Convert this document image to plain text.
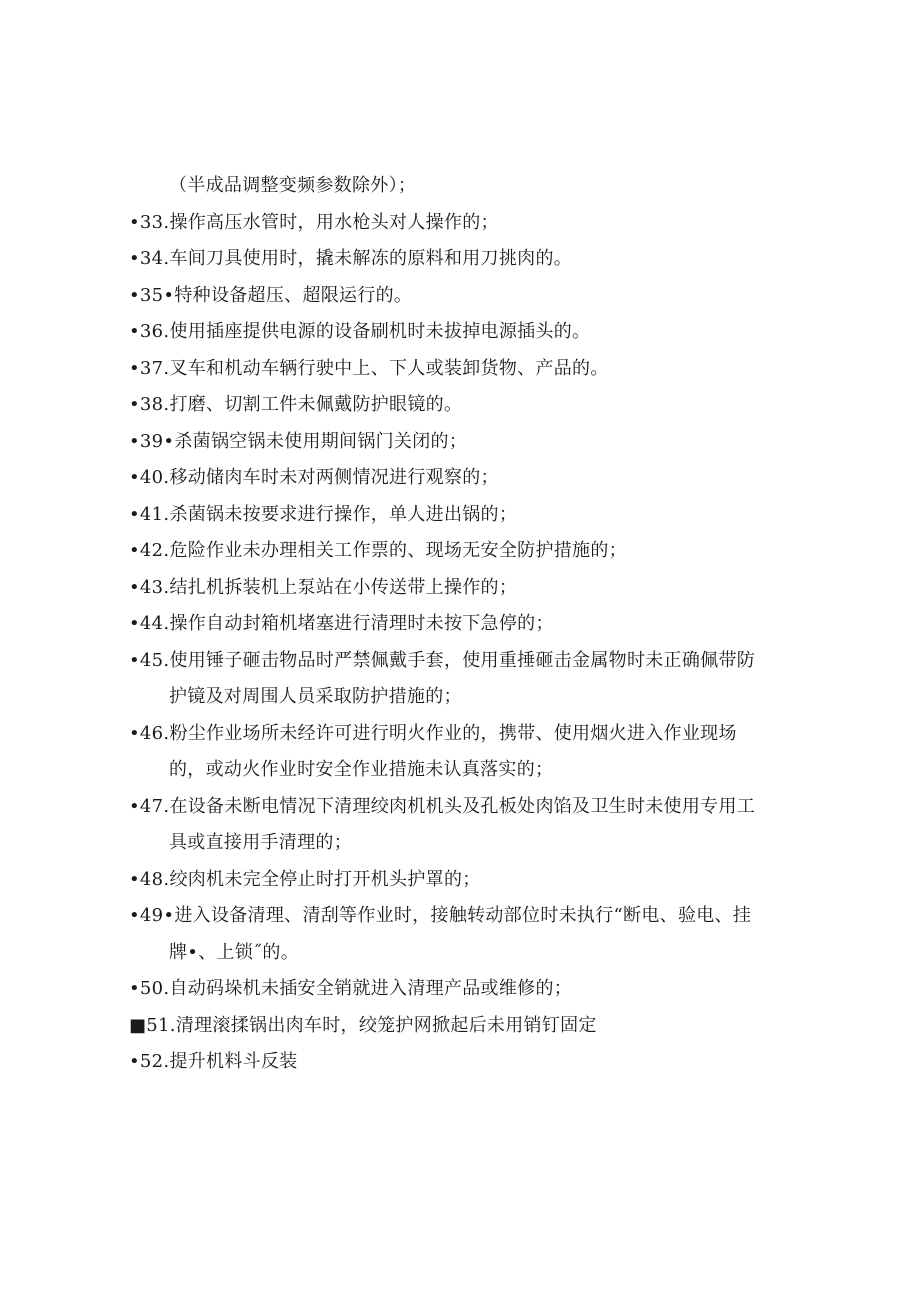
（半成品调整变频参数除外）；
•33.操作高压水管时，用水枪头对人操作的；
•34.车间刀具使用时，撬未解冻的原料和用刀挑肉的。
•35•特种设备超压、超限运行的。
•36.使用插座提供电源的设备刷机时未拔掉电源插头的。
•37.叉车和机动车辆行驶中上、下人或装卸货物、产品的。
•38.打磨、切割工件未佩戴防护眼镜的。
•39•杀菌锅空锅未使用期间锅门关闭的；
•40.移动储肉车时未对两侧情况进行观察的；
•41.杀菌锅未按要求进行操作，单人进出锅的；
•42.危险作业未办理相关工作票的、现场无安全防护措施的；
•43.结扎机拆装机上泵站在小传送带上操作的；
•44.操作自动封箱机堵塞进行清理时未按下急停的；
•45.使用锤子砸击物品时严禁佩戴手套，使用重捶砸击金属物时未正确佩带防
护镜及对周围人员采取防护措施的；
•46.粉尘作业场所未经许可进行明火作业的，携带、使用烟火进入作业现场
的，或动火作业时安全作业措施未认真落实的；
•47.在设备未断电情况下清理绞肉机机头及孔板处肉馅及卫生时未使用专用工
具或直接用手清理的；
•48.绞肉机未完全停止时打开机头护罩的；
•49•进入设备清理、清刮等作业时，接触转动部位时未执行“断电、验电、挂
牌•、上锁˝的。
•50.自动码垛机未插安全销就进入清理产品或维修的；
■51.清理滚揉锅出肉车时，绞笼护网掀起后未用销钉固定
•52.提升机料斗反装
